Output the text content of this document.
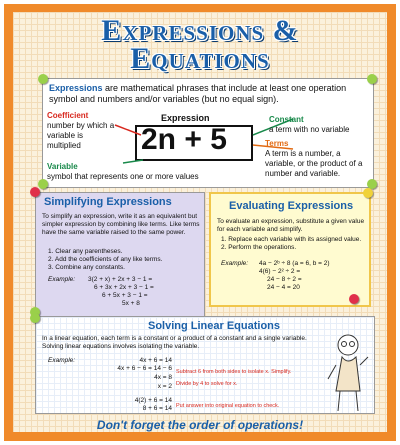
Expressions &
Equations
Expressions are mathematical phrases that include at least one operation symbol and numbers and/or variables (but no equal sign).
Coefficient
number by which a variable is multiplied
Variable
symbol that represents one or more values
Expression
2n + 5
Constant
a term with no variable
Terms
A term is a number, a variable, or the product of a number and variable.
Simplifying Expressions
To simplify an expression, write it as an equivalent but simpler expression by combining like terms. Like terms have the same variable raised to the same power.
1. Clear any parentheses.
2. Add the coefficients of any like terms.
3. Combine any constants.
Example: 3(2 + x) + 2x + 3 − 1 =
6 + 3x + 2x + 3 − 1 =
6 + 5x + 3 − 1 =
5x + 8
Evaluating Expressions
To evaluate an expression, substitute a given value for each variable and simplify.
1. Replace each variable with its assigned value.
2. Perform the operations.
Example: 4a − 2ᵇ ÷ 8 (a = 6, b = 2)
4(6) − 2² ÷ 2 =
24 − 8 ÷ 2 =
24 − 4 = 20
Solving Linear Equations
In a linear equation, each term is a constant or a product of a constant and a single variable. Solving linear equations involves isolating the variable.
Example:	4x + 6 = 14
4x + 6 − 6 = 14 − 6
4x = 8
x = 2
4(2) + 6 = 14
8 + 6 = 14
Subtract 6 from both sides to isolate x. Simplify.
Divide by 4 to solve for x.
Put answer into original equation to check.
Don't forget the order of operations!
